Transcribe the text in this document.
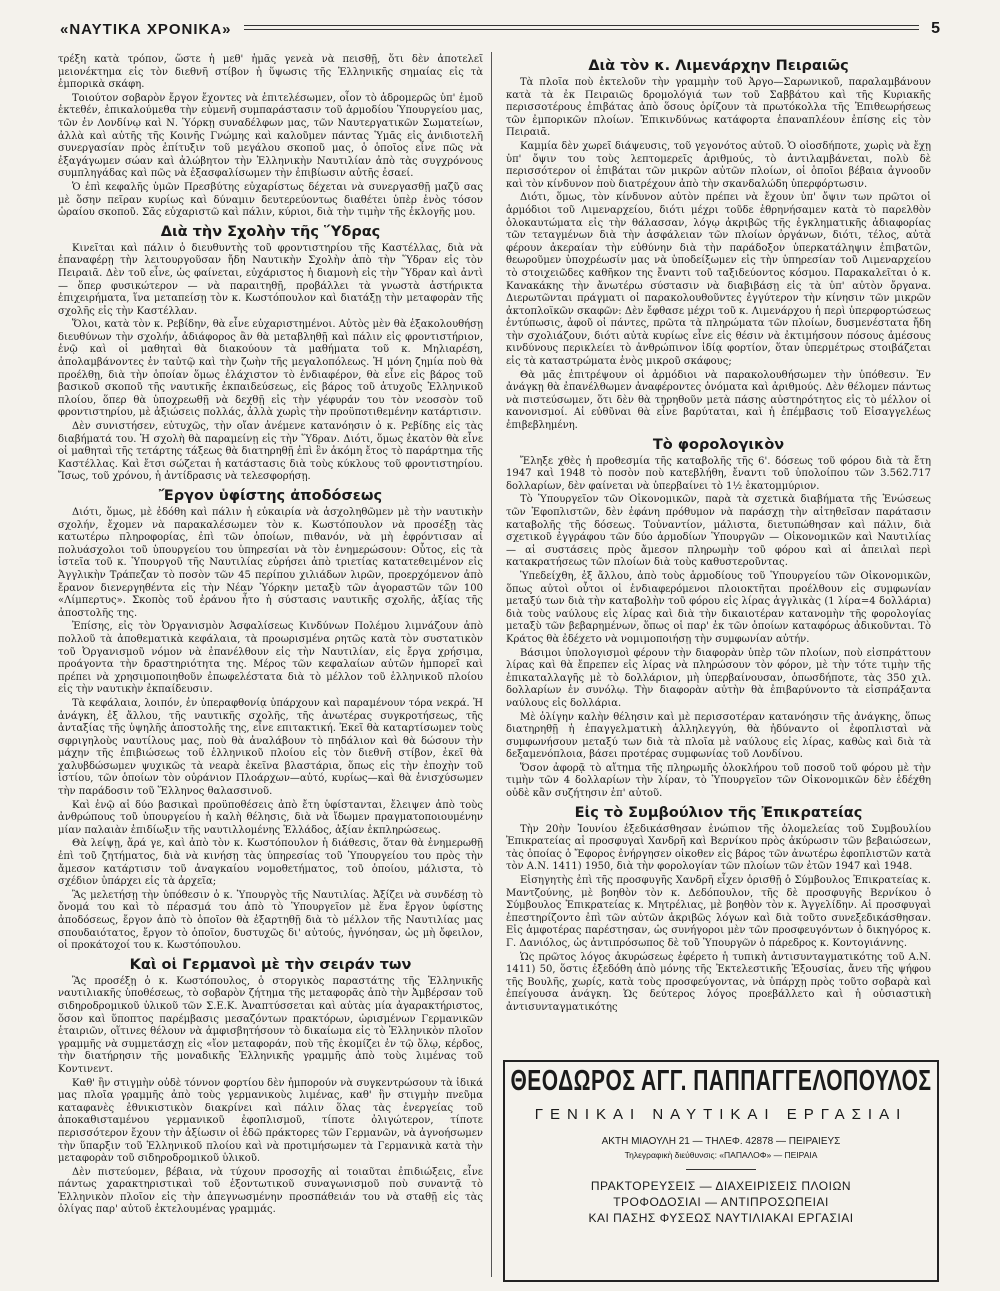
«ΝΑΥΤΙΚΑ ΧΡΟΝΙΚΑ»	5

τρέξη κατὰ τρόπον, ὥστε ἡ μεθ' ἡμᾶς γενεὰ νὰ πεισθῇ, ὅτι δὲν ἀποτελεῖ μειονέκτημα εἰς τὸν διεθνῆ στίβον ἡ ὕψωσις τῆς Ἑλληνικῆς σημαίας εἰς τὰ ἐμπορικὰ σκάφη.

Τοιούτον σοβαρὸν ἔργον ἔχοντες νὰ ἐπιτελέσωμεν, οἷον τὸ ἀδρομερῶς ὑπ' ἐμοῦ ἐκτεθέν, ἐπικαλούμεθα τὴν εὐμενῆ συμπαράστασιν τοῦ ἁρμοδίου Ὑπουργείου μας, τῶν ἐν Λονδίνῳ καὶ Ν. Ὑόρκῃ συναδέλφων μας, τῶν Ναυτεργατικῶν Σωματείων, ἀλλὰ καὶ αὐτῆς τῆς Κοινῆς Γνώμης καὶ καλοῦμεν πάντας Ὑμᾶς εἰς ἀνιδιοτελῆ συνεργασίαν πρὸς ἐπίτυξιν τοῦ μεγάλου σκοποῦ μας, ὁ ὁποῖος εἶνε πῶς νὰ ἐξαγάγωμεν σώαν καὶ ἀλώβητον τὴν Ἑλληνικὴν Ναυτιλίαν ἀπὸ τὰς συγχρόνους συμπληγάδας καὶ πῶς νὰ ἐξασφαλίσωμεν τὴν ἐπιβίωσιν αὐτῆς ἐσαεί.

Ὁ ἐπὶ κεφαλῆς ὑμῶν Πρεσβύτης εὐχαρίστως δέχεται νὰ συνεργασθῇ μαζῦ σας μὲ ὅσην πεῖραν κυρίως καὶ δύναμιν δευτερεύοντως διαθέτει ὑπὲρ ἑνὸς τόσον ὡραίου σκοποῦ. Σᾶς εὐχαριστῶ καὶ πάλιν, κύριοι, διὰ τὴν τιμὴν τῆς ἐκλογῆς μου.

Διὰ τὴν Σχολὴν τῆς Ὕδρας

Κινεῖται καὶ πάλιν ὁ διευθυντὴς τοῦ φροντιστηρίου τῆς Καστέλλας, διὰ νὰ ἐπαναφέρῃ τὴν λειτουργοῦσαν ἤδη Ναυτικὴν Σχολὴν ἀπὸ τὴν Ὕδραν εἰς τὸν Πειραιᾶ. Δὲν τοῦ εἶνε, ὡς φαίνεται, εὐχάριστος ἡ διαμονὴ εἰς τὴν Ὕδραν καὶ ἀντὶ — ὅπερ φυσικώτερον — νὰ παραιτηθῇ, προβάλλει τὰ γνωστὰ ἀστήρικτα ἐπιχειρήματα, ἵνα μεταπείσῃ τὸν κ. Κωστόπουλον καὶ διατάξῃ τὴν μεταφορὰν τῆς σχολῆς εἰς τὴν Καστέλλαν.

Ὅλοι, κατὰ τὸν κ. Ρεβίδην, θὰ εἶνε εὐχαριστημένοι. Αὐτὸς μὲν θὰ ἐξακολουθήσῃ διευθύνων τὴν σχολήν, ἀδιάφορος ἂν θὰ μεταβληθῇ καὶ πάλιν εἰς φροντιστήριον, ἐνῷ καὶ οἱ μαθηταὶ θὰ διακούουν τὰ μαθήματα τοῦ κ. Μηλιαρέση, ἀπολαμβάνοντες ἐν ταὐτῷ καὶ τὴν ζωὴν τῆς μεγαλοπόλεως. Ἡ μόνη ζημία ποὺ θὰ προέλθῃ, διὰ τὴν ὁποίαν ὅμως ἐλάχιστον τὸ ἐνδιαφέρον, θὰ εἶνε εἰς βάρος τοῦ βασικοῦ σκοποῦ τῆς ναυτικῆς ἐκπαιδεύσεως, εἰς βάρος τοῦ ἀτυχοῦς Ἑλληνικοῦ πλοίου, ὅπερ θὰ ὑποχρεωθῇ νὰ δεχθῇ εἰς τὴν γέφυράν του τὸν νεοσσὸν τοῦ φροντιστηρίου, μὲ ἀξιώσεις πολλάς, ἀλλὰ χωρὶς τὴν προϋποτιθεμένην κατάρτισιν.

Δὲν συνιστήσεν, εὐτυχῶς, τὴν οἴαν ἀνέμενε κατανόησιν ὁ κ. Ρεβίδης εἰς τὰς διαβήματά του. Ἡ σχολὴ θὰ παραμείνῃ εἰς τὴν Ὕδραν. Διότι, ὅμως ἐκατὸν θὰ εἶνε οἱ μαθηταὶ τῆς τετάρτης τάξεως θὰ διατηρηθῇ ἐπὶ ἓν ἀκόμη ἔτος τὸ παράρτημα τῆς Καστέλλας. Καὶ ἔτσι σώζεται ἡ κατάστασις διὰ τοὺς κύκλους τοῦ φροντιστηρίου. Ἴσως, τοῦ χρόνου, ἡ ἀντίδρασις νὰ τελεσφορήσῃ.

Ἔργον ὑφίστης ἀποδόσεως

Διότι, ὅμως, μὲ ἐδόθη καὶ πάλιν ἡ εὐκαιρία νὰ ἀσχοληθῶμεν μὲ τὴν ναυτικὴν σχολήν, ἔχομεν νὰ παρακαλέσωμεν τὸν κ. Κωστόπουλον νὰ προσέξῃ τὰς κατωτέρω πληροφορίας, ἐπὶ τῶν ὁποίων, πιθανόν, νὰ μὴ ἐφρόντισαν αἱ πολυάσχολοι τοῦ ὑπουργείου του ὑπηρεσίαι νὰ τὸν ἐνημερώσουν: Οὗτος, εἰς τὰ ἰστεῖα τοῦ κ. Ὑπουργοῦ τῆς Ναυτιλίας εὑρήσει ἀπὸ τριετίας κατατεθειμένον εἰς Ἀγγλικὴν Τράπεζαν τὸ ποσὸν τῶν 45 περίπου χιλιάδων λιρῶν, προερχόμενον ἀπὸ ἔρανον διενεργηθέντα εἰς τὴν Νέαν Ὑόρκην μεταξὺ τῶν ἀγοραστῶν τῶν 100 «Λίμπερτυς». Σκοπὸς τοῦ ἐράνου ἦτο ἡ σύστασις ναυτικῆς σχολῆς, ἀξίας τῆς ἀποστολῆς της.

Ἐπίσης, εἰς τὸν Ὀργανισμὸν Ἀσφαλίσεως Κινδύνων Πολέμου λιμνάζουν ἀπὸ πολλοῦ τὰ ἀποθεματικὰ κεφάλαια, τὰ προωρισμένα ρητῶς κατὰ τὸν συστατικὸν τοῦ Ὀργανισμοῦ νόμον νὰ ἐπανέλθουν εἰς τὴν Ναυτιλίαν, εἰς ἔργα χρήσιμα, προάγοντα τὴν δραστηριότητα της. Μέρος τῶν κεφαλαίων αὐτῶν ἠμπορεῖ καὶ πρέπει νὰ χρησιμοποιηθοῦν ἐπωφελέστατα διὰ τὸ μέλλον τοῦ ἑλληνικοῦ πλοίου εἰς τὴν ναυτικὴν ἐκπαίδευσιν.

Τὰ κεφάλαια, λοιπόν, ἐν ὑπεραφθονίᾳ ὑπάρχουν καὶ παραμένουν τόρα νεκρά. Ἡ ἀνάγκη, ἐξ ἄλλου, τῆς ναυτικῆς σχολῆς, τῆς ἀνωτέρας συγκροτήσεως, τῆς ἀνταξίας τῆς ὑψηλῆς ἀποστολῆς της, εἶνε επιτακτική. Ἐκεῖ θὰ καταρτίσωμεν τοὺς σφριγηλοὺς ναυτίλους μας, ποὺ θὰ ἀναλάβουν τὸ πηδάλιον καὶ θὰ δώσουν τὴν μάχην τῆς ἐπιβιώσεως τοῦ ἑλληνικοῦ πλοίου εἰς τὸν διεθνῆ στίβον, ἐκεῖ θὰ χαλυβδώσωμεν ψυχικῶς τὰ νεαρὰ ἐκεῖνα βλαστάρια, ὅπως εἰς τὴν ἐποχὴν τοῦ ἱστίου, τῶν ὁποίων τὸν οὐράνιον Πλοάρχων—αὐτό, κυρίως—καὶ θὰ ἐνισχύσωμεν τὴν παράδοσιν τοῦ Ἕλληνος θαλασσινοῦ.

Καὶ ἐνῷ αἱ δύο βασικαὶ προϋποθέσεις ἀπὸ ἔτη ὑφίστανται, ἔλειψεν ἀπὸ τοὺς ἀνθρώπους τοῦ ὑπουργείου ἡ καλὴ θέλησις, διὰ νὰ ἴδωμεν πραγματοποιουμένην μίαν παλαιὰν ἐπιδίωξιν τῆς ναυτιλλομένης Ἑλλάδος, ἀξίαν ἐκπληρώσεως.

Θὰ λείψῃ, ἄρά γε, καὶ ἀπὸ τὸν κ. Κωστόπουλον ἡ διάθεσις, ὅταν θὰ ἐνημερωθῇ ἐπὶ τοῦ ζητήματος, διὰ νὰ κινήσῃ τὰς ὑπηρεσίας τοῦ Ὑπουργείου του πρὸς τὴν ἄμεσον κατάρτισιν τοῦ ἀναγκαίου νομοθετήματος, τοῦ ὁποίου, μάλιστα, τὸ σχέδιον ὑπάρχει εἰς τὰ ἀρχεῖα;

Ἂς μελετήσῃ τὴν ὑπόθεσιν ὁ κ. Ὑπουργὸς τῆς Ναυτιλίας. Ἀξίζει νὰ συνδέσῃ τὸ ὄνομά του καὶ τὸ πέρασμά του ἀπὸ τὸ Ὑπουργεῖον μὲ ἕνα ἔργον ὑφίστης ἀποδόσεως, ἔργον ἀπὸ τὸ ὁποῖον θὰ ἐξαρτηθῇ διὰ τὸ μέλλον τῆς Ναυτιλίας μας σπουδαιότατος, ἔργον τὸ ὁποῖον, δυστυχῶς δι' αὐτούς, ἠγνόησαν, ὡς μὴ ὄφειλον, οἱ προκάτοχοί του κ. Κωστόπουλου.

Καὶ οἱ Γερμανοὶ μὲ τὴν σειράν των

Ἂς προσέξῃ ὁ κ. Κωστόπουλος, ὁ στοργικὸς παραστάτης τῆς Ἑλληνικῆς ναυτιλιακῆς ὑποθέσεως, τὸ σοβαρὸν ζήτημα τῆς μεταφορᾶς ἀπὸ τὴν Ἀμβέρσαν τοῦ σιδηροδρομικοῦ ὑλικοῦ τῶν Σ.Ε.Κ. Ἀναπτύσσεται καὶ αὐτὰς μία ἀγαρακτήριστος, ὅσον καὶ ὕποπτος παρέμβασις μεσαζόντων πρακτόρων, ὡρισμένων Γερμανικῶν ἑταιριῶν, οἵτινες θέλουν νὰ ἀμφισβητήσουν τὸ δικαίωμα εἰς τὸ Ἑλληνικὸν πλοῖον γραμμῆς νὰ συμμετάσχῃ εἰς «ἴον μεταφοράν, ποὺ τῆς ἐκομίζει ἐν τῷ ὅλῳ, κέρδος, τὴν διατήρησιν τῆς μοναδικῆς Ἑλληνικῆς γραμμῆς ἀπὸ τοὺς λιμένας τοῦ Κοντινεντ.

Καθ' ἣν στιγμὴν οὐδὲ τόννον φορτίου δὲν ἠμπορούν νὰ συγκεντρώσουν τὰ ἰδικά μας πλοῖα γραμμῆς ἀπὸ τοὺς γερμανικοὺς λιμένας, καθ' ἣν στιγμὴν πνεῦμα καταφανὲς ἐθνικιστικὸν διακρίνει καὶ πάλιν ὅλας τὰς ἐνεργείας τοῦ ἀποκαθισταμένου γερμανικοῦ ἐφοπλισμοῦ, τίποτε ὀλιγώτερον, τίποτε περισσότερον ἔχουν τὴν ἀξίωσιν οἱ ἐδῶ πράκτορες τῶν Γερμανῶν, νὰ ἀγνοήσωμεν τὴν ὕπαρξιν τοῦ Ἑλληνικοῦ πλοίου καὶ νὰ προτιμήσωμεν τὰ Γερμανικὰ κατὰ τὴν μεταφορὰν τοῦ σιδηροδρομικοῦ ὑλικοῦ.

Δὲν πιστεύομεν, βέβαια, νὰ τύχουν προσοχῆς αἱ τοιαῦται ἐπιδιώξεις, εἶνε πάντως χαρακτηριστικαὶ τοῦ ἐξοντωτικοῦ συναγωνισμοῦ ποὺ συναντᾷ τὸ Ἑλληνικὸν πλοῖον εἰς τὴν ἀπεγνωσμένην προσπάθειάν του νὰ σταθῇ εἰς τὰς ὀλίγας παρ' αὐτοῦ ἐκτελουμένας γραμμάς.

Διὰ τὸν κ. Λιμενάρχην Πειραιῶς

Τὰ πλοῖα ποὺ ἐκτελοῦν τὴν γραμμὴν τοῦ Ἀργο—Σαρωνικοῦ, παραλαμβάνουν κατὰ τὰ ἐκ Πειραιῶς δρομολόγιά των τοῦ Σαββάτου καὶ τῆς Κυριακῆς περισσοτέρους ἐπιβάτας ἀπὸ ὅσους ὁρίζουν τὰ πρωτόκολλα τῆς Ἐπιθεωρήσεως τῶν ἐμπορικῶν πλοίων. Ἐπικινδύνως κατάφορτα ἐπαναπλέουν ἐπίσης εἰς τὸν Πειραιᾶ.

Καμμία δὲν χωρεῖ διάψευσις, τοῦ γεγονότος αὐτοῦ. Ὁ οἱοσδήποτε, χωρὶς νὰ ἔχῃ ὑπ' ὄψιν του τοὺς λεπτομερεῖς ἀριθμούς, τὸ ἀντιλαμβάνεται, πολὺ δὲ περισσότερον οἱ ἐπιβάται τῶν μικρῶν αὐτῶν πλοίων, οἱ ὁποῖοι βέβαια ἀγνοοῦν καὶ τὸν κίνδυνον ποὺ διατρέχουν ἀπὸ τὴν σκανδαλώδη ὑπερφόρτωσιν.

Διότι, ὅμως, τὸν κίνδυνον αὐτὸν πρέπει νὰ ἔχουν ὑπ' ὄψιν των πρῶτοι οἱ ἁρμόδιοι τοῦ Λιμεναρχείου, διότι μέχρι τοῦδε ἐθρηνήσαμεν κατὰ τὸ παρελθὸν ὁλοκαυτώματα εἰς τὴν θάλασσαν, λόγῳ ἀκριβῶς τῆς ἐγκληματικῆς ἀδιαφορίας τῶν τεταγμένων διὰ τὴν ἀσφάλειαν τῶν πλοίων ὀργάνων, διότι, τέλος, αὐτὰ φέρουν ἀκεραίαν τὴν εὐθύνην διὰ τὴν παράδοξον ὑπερκατάληψιν ἐπιβατῶν, θεωροῦμεν ὑποχρέωσίν μας νὰ ὑποδείξωμεν εἰς τὴν ὑπηρεσίαν τοῦ Λιμεναρχείου τὸ στοιχειῶδες καθῆκον της ἔναντι τοῦ ταξιδεύοντος κόσμου. Παρακαλεῖται ὁ κ. Κανακάκης τὴν ἄνωτέρω σύστασιν νὰ διαβιβάσῃ εἰς τὰ ὑπ' αὐτὸν ὄργανα. Διερωτῶνται πράγματι οἱ παρακολουθοῦντες ἐγγύτερον τὴν κίνησιν τῶν μικρῶν ἀκτοπλοϊκῶν σκαφῶν: Δὲν ἔφθασε μέχρι τοῦ κ. Λιμενάρχου ἡ περὶ ὑπερφορτώσεως ἐντύπωσις, ἀφοῦ οἱ πάντες, πρῶτα τὰ πληρώματα τῶν πλοίων, δυσμενέστατα ἤδη τὴν σχολιάζουν, διότι αὐτὰ κυρίως εἶνε εἰς θέσιν νὰ ἐκτιμήσουν πόσους ἀμέσους κινδύνους περικλείει τὸ ἀνθρώπινον ἰδίᾳ φορτίον, ὅταν ὑπερμέτρως στοιβάζεται εἰς τὰ καταστρώματα ἑνὸς μικροῦ σκάφους;

Θὰ μᾶς ἐπιτρέψουν οἱ ἁρμόδιοι νὰ παρακολουθήσωμεν τὴν ὑπόθεσιν. Ἐν ἀνάγκῃ θὰ ἐπανέλθωμεν ἀναφέροντες ὀνόματα καὶ ἀριθμούς. Δὲν θέλομεν πάντως νὰ πιστεύσωμεν, ὅτι δὲν θὰ τηρηθοῦν μετὰ πάσης αὐστηρότητος εἰς τὸ μέλλον οἱ κανονισμοί. Αἱ εὐθῦναι θὰ εἶνε βαρύταται, καὶ ἡ ἐπέμβασις τοῦ Εἰσαγγελέως ἐπιβεβλημένη.

Τὸ φορολογικὸν

Ἔληξε χθὲς ἡ προθεσμία τῆς καταβολῆς τῆς 6'. δόσεως τοῦ φόρου διὰ τὰ ἔτη 1947 καὶ 1948 τὸ ποσὸν ποὺ κατεβλήθη, ἔναντι τοῦ ὑπολοίπου τῶν 3.562.717 δολλαρίων, δὲν φαίνεται νὰ ὑπερβαίνει τὸ 1½ ἑκατομμύριον.

Τὸ Ὑπουργεῖον τῶν Οἰκονομικῶν, παρὰ τὰ σχετικὰ διαβήματα τῆς Ἑνώσεως τῶν Ἐφοπλιστῶν, δὲν ἐφάνη πρόθυμον νὰ παράσχῃ τὴν αἰτηθεῖσαν παράτασιν καταβολῆς τῆς δόσεως. Τοὐναντίον, μάλιστα, διετυπώθησαν καὶ πάλιν, διὰ σχετικοῦ ἐγγράφου τῶν δύο ἁρμοδίων Ὑπουργῶν — Οἰκονομικῶν καὶ Ναυτιλίας — αἱ συστάσεις πρὸς ἄμεσον πληρωμὴν τοῦ φόρου καὶ αἱ ἀπειλαὶ περὶ κατακρατήσεως τῶν πλοίων διὰ τοὺς καθυστεροῦντας.

Ὑπεδείχθη, ἐξ ἄλλου, ἀπὸ τοὺς ἁρμοδίους τοῦ Ὑπουργείου τῶν Οἰκονομικῶν, ὅπως αὐτοὶ οὗτοι οἱ ἐνδιαφερόμενοι πλοιοκτῆται προέλθουν εἰς συμφωνίαν μεταξύ των διὰ τὴν καταβολὴν τοῦ φόρου εἰς λίρας ἀγγλικὰς (1 λίρα=4 δολλάρια) διὰ τοὺς ναύλους εἰς λίρας καὶ διὰ τὴν δικαιοτέραν κατανομὴν τῆς φορολογίας μεταξὺ τῶν βεβαρημένων, ὅπως οἱ παρ' ἐκ τῶν ὁποίων καταφόρως ἀδικοῦνται. Τὸ Κράτος θὰ ἐδέχετο νὰ νομιμοποιήσῃ τὴν συμφωνίαν αὐτήν.

Βάσιμοι ὑπολογισμοὶ φέρουν τὴν διαφορὰν ὑπὲρ τῶν πλοίων, ποὺ εἰσπράττουν λίρας καὶ θὰ ἔπρεπεν εἰς λίρας νὰ πληρώσουν τὸν φόρον, μὲ τὴν τότε τιμὴν τῆς ἐπικαταλλαγῆς μὲ τὸ δολλάριον, μὴ ὑπερβαίνουσαν, ὁπωσδήποτε, τὰς 350 χιλ. δολλαρίων ἐν συνόλῳ. Τὴν διαφορὰν αὐτὴν θὰ ἐπιβαρύνοντο τὰ εἰσπράξαντα ναύλους εἰς δολλάρια.

Μὲ ὀλίγην καλὴν θέλησιν καὶ μὲ περισσοτέραν κατανόησιν τῆς ἀνάγκης, ὅπως διατηρηθῇ ἡ ἐπαγγελματικὴ ἀλληλεγγύη, θὰ ἠδύναντο οἱ ἐφοπλισταὶ νὰ συμφωνήσουν μεταξύ των διὰ τὰ πλοῖα μὲ ναύλους εἰς λίρας, καθὼς καὶ διὰ τὰ δεξαμενόπλοια, βάσει προτέρας συμφωνίας τοῦ Λονδίνου.

Ὅσον ἀφορᾷ τὸ αἴτημα τῆς πληρωμῆς ὁλοκλήρου τοῦ ποσοῦ τοῦ φόρου μὲ τὴν τιμὴν τῶν 4 δολλαρίων τὴν λίραν, τὸ Ὑπουργεῖον τῶν Οἰκονομικῶν δὲν ἐδέχθη οὐδὲ κἂν συζήτησιν ἐπ' αὐτοῦ.

Εἰς τὸ Συμβούλιον τῆς Ἐπικρατείας

Τὴν 20ὴν Ἰουνίου ἐξεδικάσθησαν ἐνώπιον τῆς ὁλομελείας τοῦ Συμβουλίου Ἐπικρατείας αἱ προσφυγαὶ Χανδρῆ καὶ Βερνίκου πρὸς ἀκύρωσιν τῶν βεβαιώσεων, τὰς ὁποίας ὁ Ἔφορος ἐνήργησεν οἰκοθεν εἰς βάρος τῶν ἀνωτέρω ἐφοπλιστῶν κατὰ τὸν Α.Ν. 1411) 1950, διὰ τὴν φορολογίαν τῶν πλοίων τῶν ἐτῶν 1947 καὶ 1948.

Εἰσηγητὴς ἐπὶ τῆς προσφυγῆς Χανδρῆ εἶχεν ὁρισθῇ ὁ Σύμβουλος Ἐπικρατείας κ. Μαντζούνης, μὲ βοηθὸν τὸν κ. Δεδόπουλον, τῆς δὲ προσφυγῆς Βερνίκου ὁ Σύμβουλος Ἐπικρατείας κ. Μητρέλιας, μὲ βοηθὸν τὸν κ. Ἀγγελίδην. Αἱ προσφυγαὶ ἐπεστηρίζοντο ἐπὶ τῶν αὐτῶν ἀκριβῶς λόγων καὶ διὰ τοῦτο συνεξεδικάσθησαν. Εἰς ἀμφοτέρας παρέστησαν, ὡς συνήγοροι μὲν τῶν προσφευγόντων ὁ δικηγόρος κ. Γ. Δανιόλος, ὡς ἀντιπρόσωπος δὲ τοῦ Ὑπουργῶν ὁ πάρεδρος κ. Κοντογιάννης.

Ὡς πρῶτος λόγος ἀκυρώσεως ἐφέρετο ἡ τυπικὴ ἀντισυνταγματικότης τοῦ Α.Ν. 1411) 50, ὅστις ἐξεδόθη ἀπὸ μόνης τῆς Ἐκτελεστικῆς Ἐξουσίας, ἄνευ τῆς ψήφου τῆς Βουλῆς, χωρίς, κατὰ τοὺς προσφεύγοντας, νὰ ὑπάρχῃ πρὸς τοῦτο σοβαρὰ καὶ ἐπείγουσα ἀνάγκη. Ὡς δεύτερος λόγος προεβάλλετο καὶ ἡ οὐσιαστικὴ ἀντισυνταγματικότης

ΘΕΟΔΩΡΟΣ ΑΓΓ. ΠΑΠΠΑΓΓΕΛΟΠΟΥΛΟΣ
ΓΕΝΙΚΑΙ ΝΑΥΤΙΚΑΙ ΕΡΓΑΣΙΑΙ
ΑΚΤΗ ΜΙΑΟΥΛΗ 21 — ΤΗΛΕΦ. 42878 — ΠΕΙΡΑΙΕΥΣ
Τηλεγραφικὴ διεύθυνσις: «ΠΑΠΑΛΟΦ» — ΠΕΙΡΑΙΑ
ΠΡΑΚΤΟΡΕΥΣΕΙΣ — ΔΙΑΧΕΙΡΙΣΕΙΣ ΠΛΟΙΩΝ
ΤΡΟΦΟΔΟΣΙΑΙ — ΑΝΤΙΠΡΟΣΩΠΕΙΑΙ
ΚΑΙ ΠΑΣΗΣ ΦΥΣΕΩΣ ΝΑΥΤΙΛΙΑΚΑΙ ΕΡΓΑΣΙΑΙ
